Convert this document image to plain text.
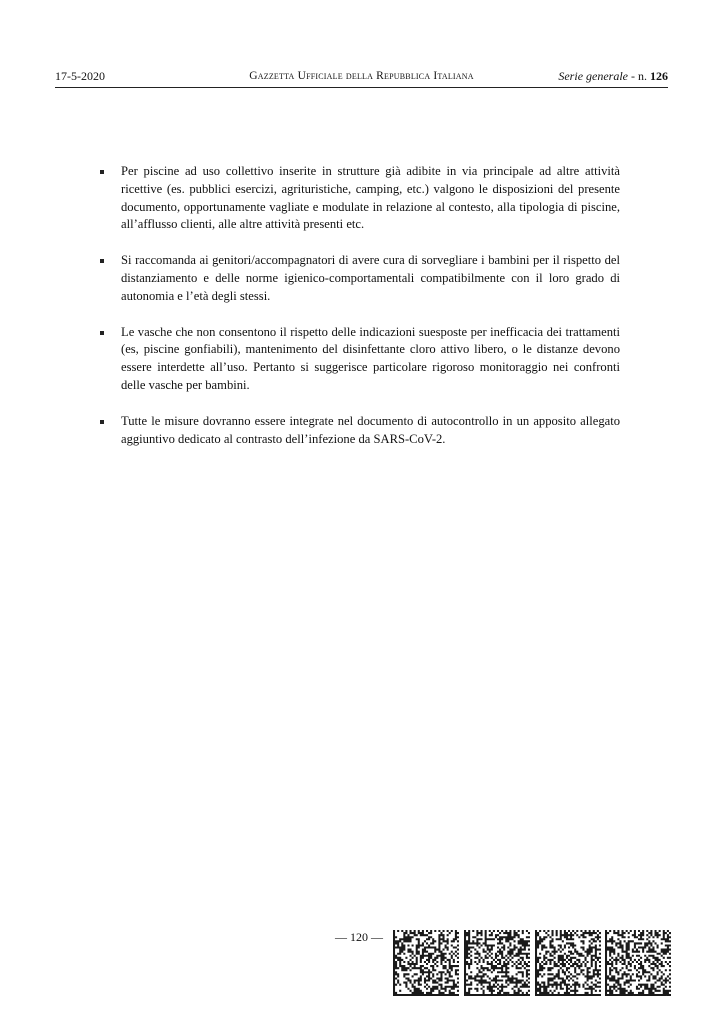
17-5-2020	Gazzetta Ufficiale della Repubblica Italiana	Serie generale - n. 126
Per piscine ad uso collettivo inserite in strutture già adibite in via principale ad altre attività ricettive (es. pubblici esercizi, agrituristiche, camping, etc.) valgono le disposizioni del presente documento, opportunamente vagliate e modulate in relazione al contesto, alla tipologia di piscine, all’afflusso clienti, alle altre attività presenti etc.
Si raccomanda ai genitori/accompagnatori di avere cura di sorvegliare i bambini per il rispetto del distanziamento e delle norme igienico-comportamentali compatibilmente con il loro grado di autonomia e l’età degli stessi.
Le vasche che non consentono il rispetto delle indicazioni suesposte per inefficacia dei trattamenti (es, piscine gonfiabili), mantenimento del disinfettante cloro attivo libero, o le distanze devono essere interdette all’uso. Pertanto si suggerisce particolare rigoroso monitoraggio nei confronti delle vasche per bambini.
Tutte le misure dovranno essere integrate nel documento di autocontrollo in un apposito allegato aggiuntivo dedicato al contrasto dell’infezione da SARS-CoV-2.
— 120 —
